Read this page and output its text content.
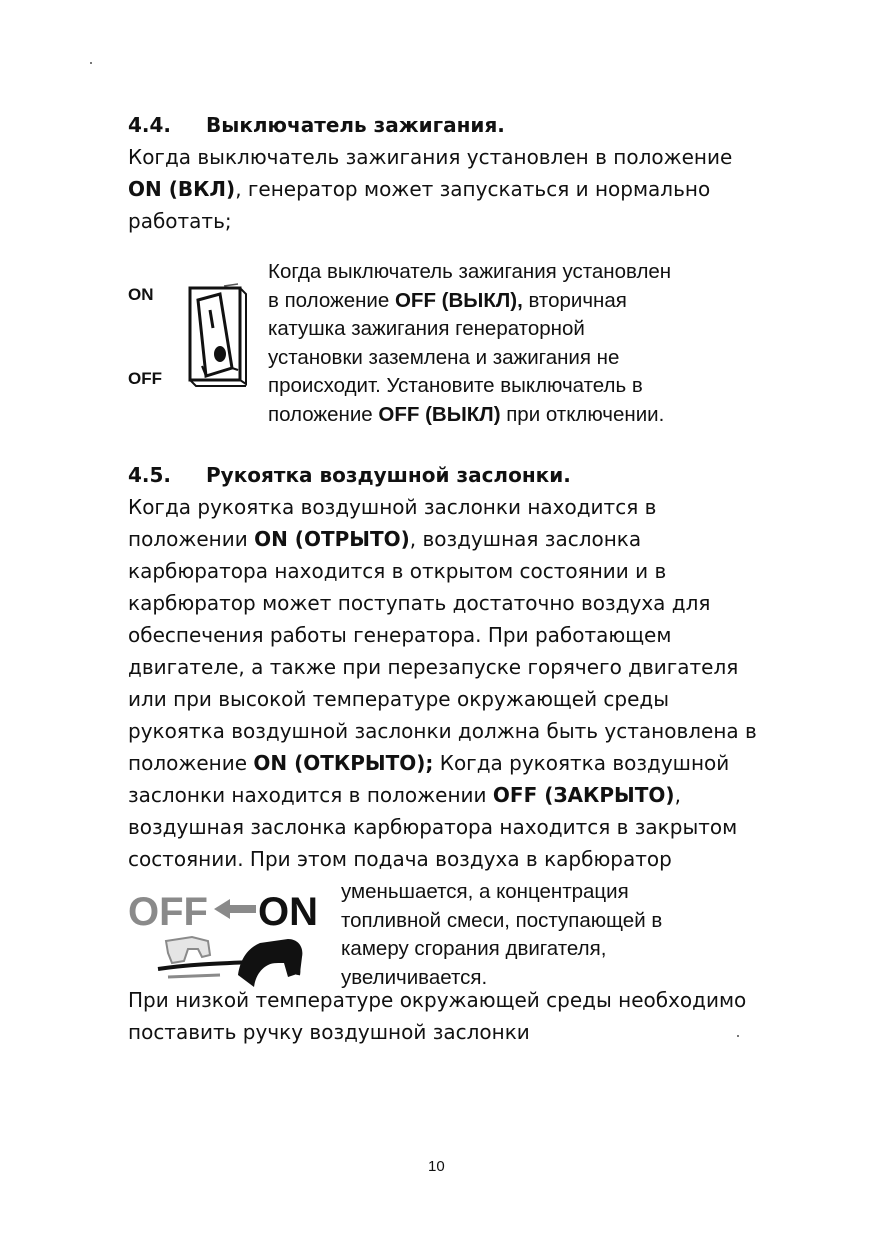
4.4. Выключатель зажигания.
Когда выключатель зажигания установлен в положение
ON (ВКЛ), генератор может запускаться и нормально
работать;
ON
OFF
Когда выключатель зажигания установлен
в положение OFF (ВЫКЛ), вторичная
катушка зажигания генераторной
установки заземлена и зажигания не
происходит. Установите выключатель в
положение OFF (ВЫКЛ) при отключении.
4.5. Рукоятка воздушной заслонки.
Когда рукоятка воздушной заслонки находится в
положении ON (ОТРЫТО), воздушная заслонка
карбюратора находится в открытом состоянии и в
карбюратор может поступать достаточно воздуха для
обеспечения работы генератора. При работающем
двигателе, а также при перезапуске горячего двигателя
или при высокой температуре окружающей среды
рукоятка воздушной заслонки должна быть установлена в
положение ON (ОТКРЫТО); Когда рукоятка воздушной
заслонки находится в положении OFF (ЗАКРЫТО),
воздушная заслонка карбюратора находится в закрытом
состоянии. При этом подача воздуха в карбюратор
OFF ON уменьшается, а концентрация
топливной смеси, поступающей в
камеру сгорания двигателя,
увеличивается.
При низкой температуре окружающей среды необходимо
поставить ручку воздушной заслонки
10
